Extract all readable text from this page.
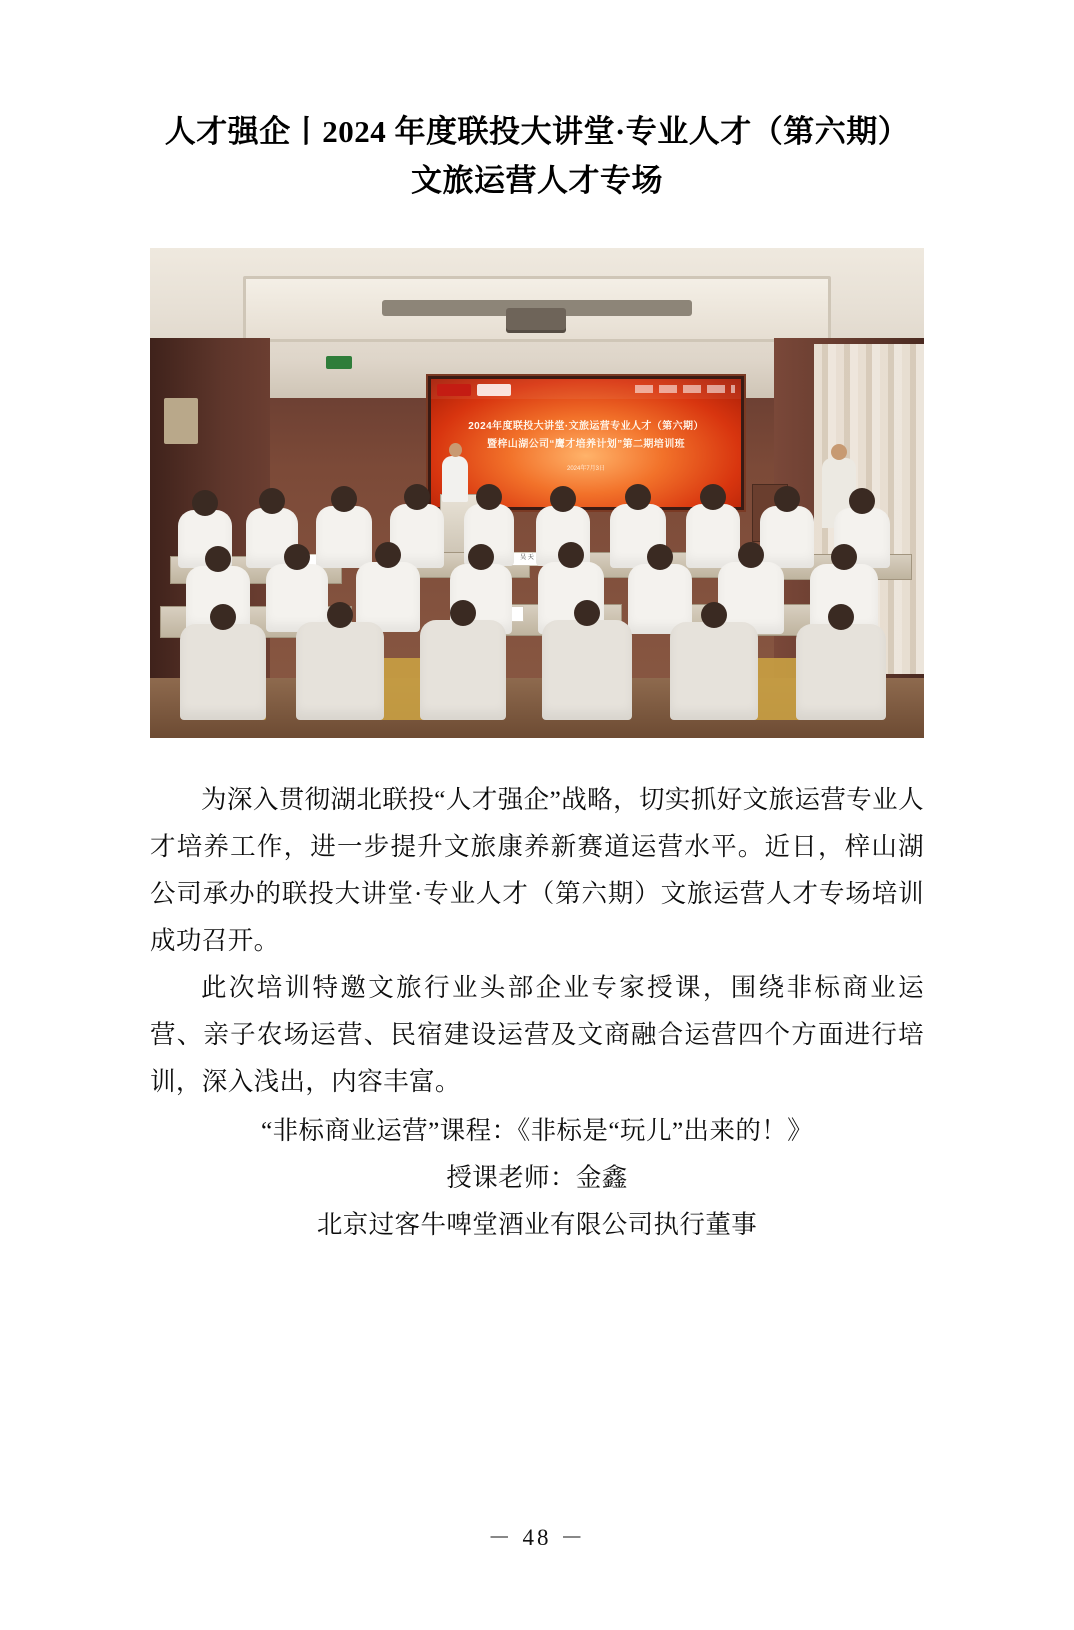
人才强企丨2024 年度联投大讲堂·专业人才（第六期）
文旅运营人才专场
2024年度联投大讲堂·文旅运营专业人才（第六期）
暨梓山湖公司“鹰才培养计划”第二期培训班
2024年7月3日
吴 天

为深入贯彻湖北联投“人才强企”战略，切实抓好文旅运营专业人才培养工作，进一步提升文旅康养新赛道运营水平。近日，梓山湖公司承办的联投大讲堂·专业人才（第六期）文旅运营人才专场培训成功召开。

此次培训特邀文旅行业头部企业专家授课，围绕非标商业运营、亲子农场运营、民宿建设运营及文商融合运营四个方面进行培训，深入浅出，内容丰富。

“非标商业运营”课程：《非标是“玩儿”出来的！》

授课老师：金鑫

北京过客牛啤堂酒业有限公司执行董事

－ 48 －
